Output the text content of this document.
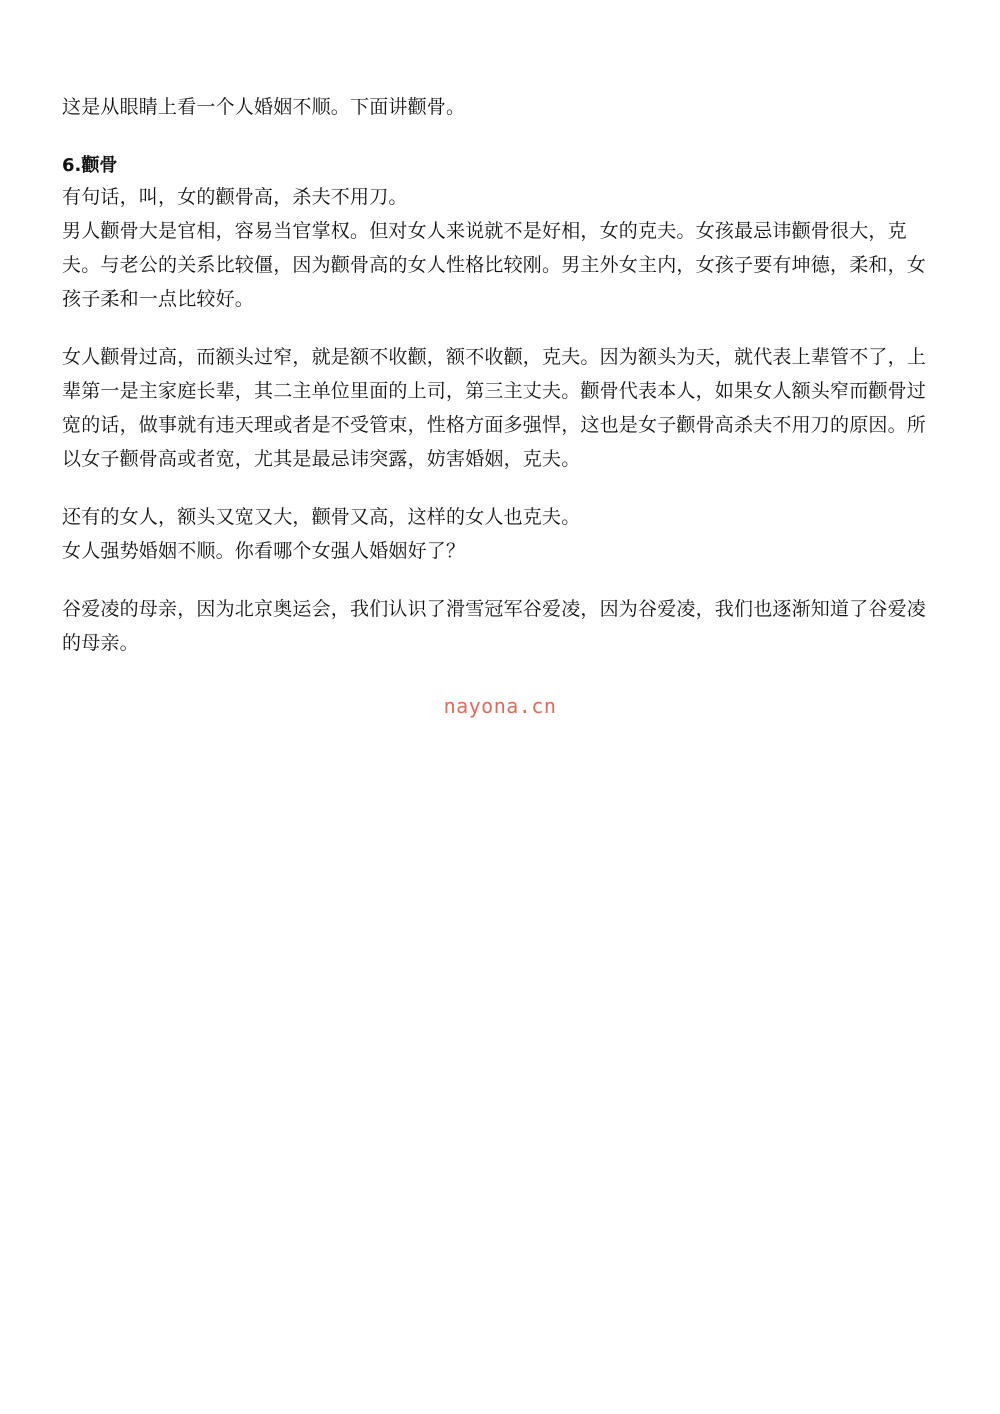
这是从眼睛上看一个人婚姻不顺。下面讲颧骨。

6.颧骨

有句话，叫，女的颧骨高，杀夫不用刀。

男人颧骨大是官相，容易当官掌权。但对女人来说就不是好相，女的克夫。女孩最忌讳颧骨很大，克夫。与老公的关系比较僵，因为颧骨高的女人性格比较刚。男主外女主内，女孩子要有坤德，柔和，女孩子柔和一点比较好。

女人颧骨过高，而额头过窄，就是额不收颧，额不收颧，克夫。因为额头为天，就代表上辈管不了，上辈第一是主家庭长辈，其二主单位里面的上司，第三主丈夫。颧骨代表本人，如果女人额头窄而颧骨过宽的话，做事就有违天理或者是不受管束，性格方面多强悍，这也是女子颧骨高杀夫不用刀的原因。所以女子颧骨高或者宽，尤其是最忌讳突露，妨害婚姻，克夫。

还有的女人，额头又宽又大，颧骨又高，这样的女人也克夫。

女人强势婚姻不顺。你看哪个女强人婚姻好了？

谷爱凌的母亲，因为北京奥运会，我们认识了滑雪冠军谷爱凌，因为谷爱凌，我们也逐渐知道了谷爱凌的母亲。

nayona.cn
